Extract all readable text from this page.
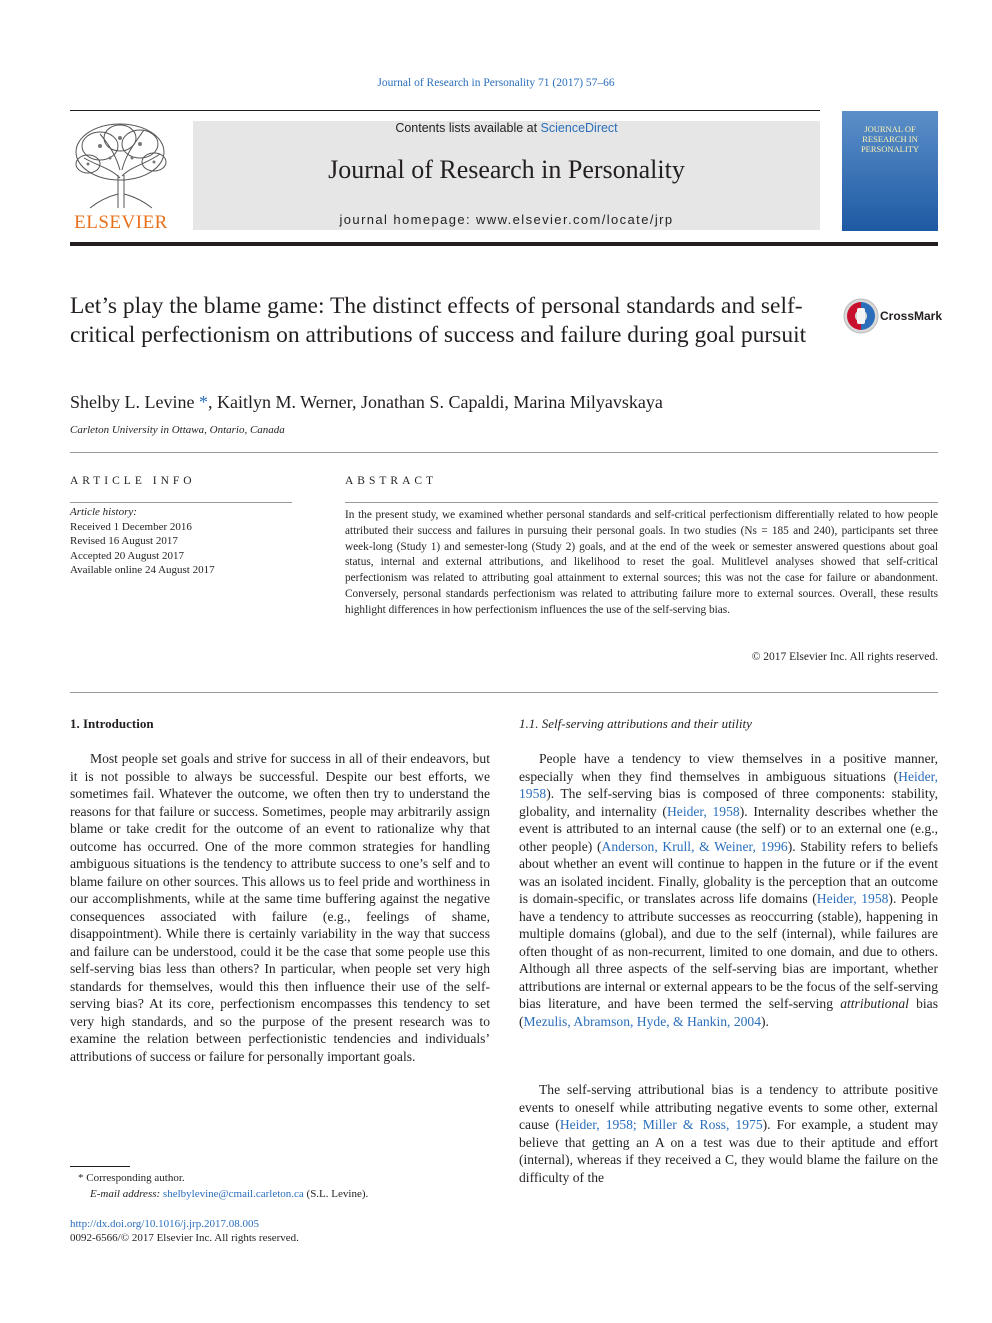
Journal of Research in Personality 71 (2017) 57–66
ELSEVIER
Contents lists available at ScienceDirect
Journal of Research in Personality
journal homepage: www.elsevier.com/locate/jrp
JOURNAL OF RESEARCH IN PERSONALITY
Let’s play the blame game: The distinct effects of personal standards and self-critical perfectionism on attributions of success and failure during goal pursuit
CrossMark
Shelby L. Levine *, Kaitlyn M. Werner, Jonathan S. Capaldi, Marina Milyavskaya
Carleton University in Ottawa, Ontario, Canada
ARTICLE INFO
Article history:
Received 1 December 2016
Revised 16 August 2017
Accepted 20 August 2017
Available online 24 August 2017
ABSTRACT
In the present study, we examined whether personal standards and self-critical perfectionism differentially related to how people attributed their success and failures in pursuing their personal goals. In two studies (Ns = 185 and 240), participants set three week-long (Study 1) and semester-long (Study 2) goals, and at the end of the week or semester answered questions about goal status, internal and external attributions, and likelihood to reset the goal. Mulitlevel analyses showed that self-critical perfectionism was related to attributing goal attainment to external sources; this was not the case for failure or abandonment. Conversely, personal standards perfectionism was related to attributing failure more to external sources. Overall, these results highlight differences in how perfectionism influences the use of the self-serving bias.
© 2017 Elsevier Inc. All rights reserved.
1. Introduction
Most people set goals and strive for success in all of their endeavors, but it is not possible to always be successful. Despite our best efforts, we sometimes fail. Whatever the outcome, we often then try to understand the reasons for that failure or success. Sometimes, people may arbitrarily assign blame or take credit for the outcome of an event to rationalize why that outcome has occurred. One of the more common strategies for handling ambiguous situations is the tendency to attribute success to one’s self and to blame failure on other sources. This allows us to feel pride and worthiness in our accomplishments, while at the same time buffering against the negative consequences associated with failure (e.g., feelings of shame, disappointment). While there is certainly variability in the way that success and failure can be understood, could it be the case that some people use this self-serving bias less than others? In particular, when people set very high standards for themselves, would this then influence their use of the self-serving bias? At its core, perfectionism encompasses this tendency to set very high standards, and so the purpose of the present research was to examine the relation between perfectionistic tendencies and individuals’ attributions of success or failure for personally important goals.
1.1. Self-serving attributions and their utility
People have a tendency to view themselves in a positive manner, especially when they find themselves in ambiguous situations (Heider, 1958). The self-serving bias is composed of three components: stability, globality, and internality (Heider, 1958). Internality describes whether the event is attributed to an internal cause (the self) or to an external one (e.g., other people) (Anderson, Krull, & Weiner, 1996). Stability refers to beliefs about whether an event will continue to happen in the future or if the event was an isolated incident. Finally, globality is the perception that an outcome is domain-specific, or translates across life domains (Heider, 1958). People have a tendency to attribute successes as reoccurring (stable), happening in multiple domains (global), and due to the self (internal), while failures are often thought of as non-recurrent, limited to one domain, and due to others. Although all three aspects of the self-serving bias are important, whether attributions are internal or external appears to be the focus of the self-serving bias literature, and have been termed the self-serving attributional bias (Mezulis, Abramson, Hyde, & Hankin, 2004).
The self-serving attributional bias is a tendency to attribute positive events to oneself while attributing negative events to some other, external cause (Heider, 1958; Miller & Ross, 1975). For example, a student may believe that getting an A on a test was due to their aptitude and effort (internal), whereas if they received a C, they would blame the failure on the difficulty of the
* Corresponding author.
E-mail address: shelbylevine@cmail.carleton.ca (S.L. Levine).
http://dx.doi.org/10.1016/j.jrp.2017.08.005
0092-6566/© 2017 Elsevier Inc. All rights reserved.
